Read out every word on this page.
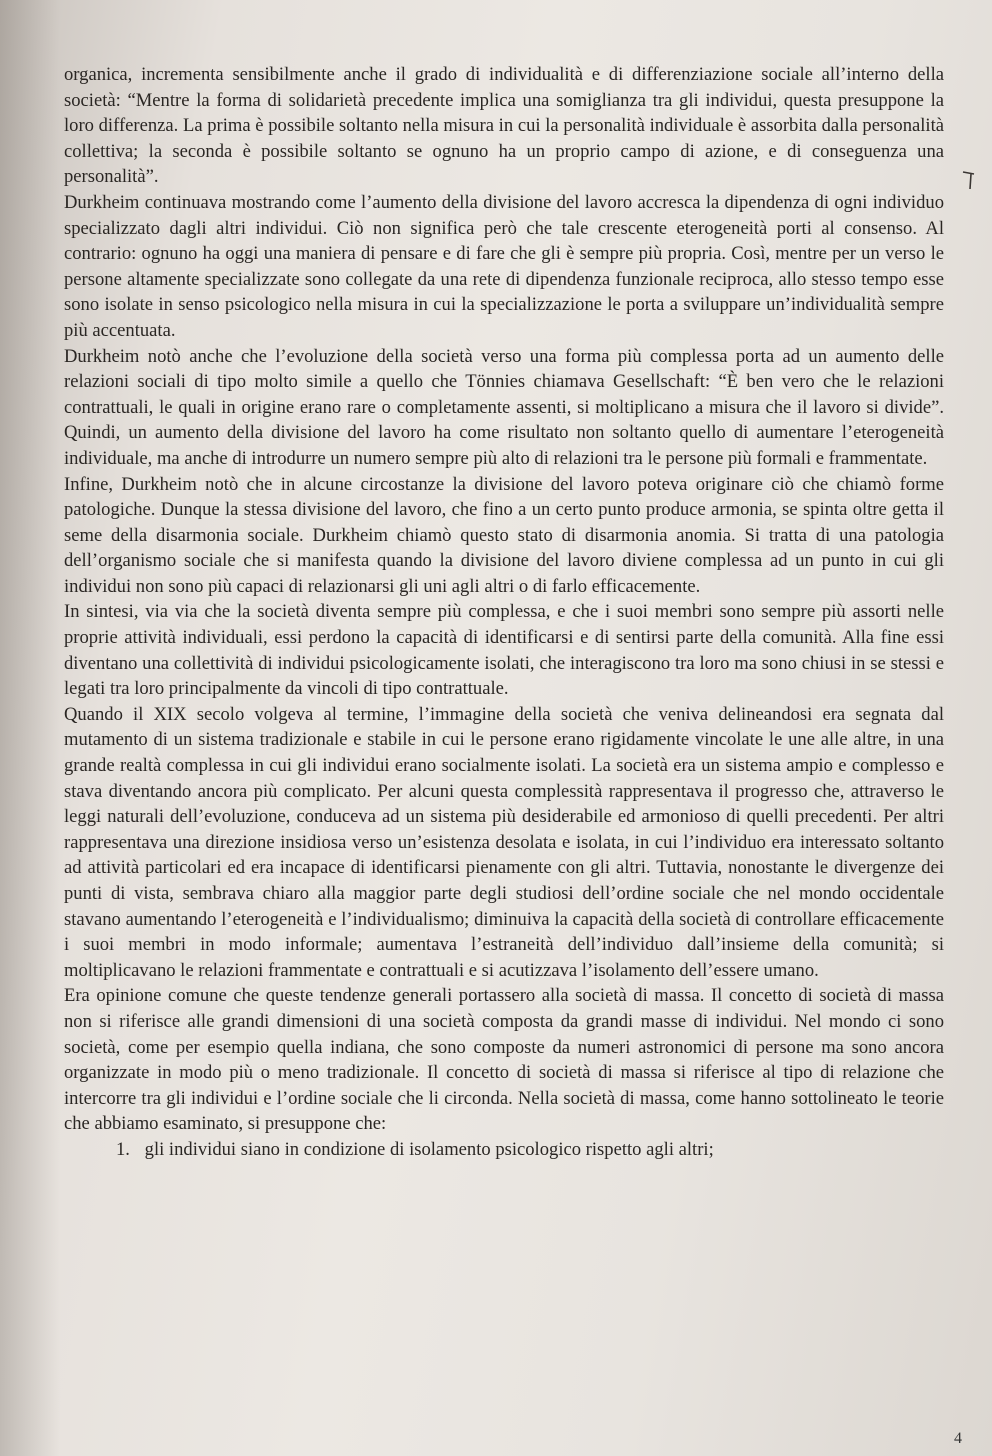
organica, incrementa sensibilmente anche il grado di individualità e di differenziazione sociale all’interno della società: “Mentre la forma di solidarietà precedente implica una somiglianza tra gli individui, questa presuppone la loro differenza. La prima è possibile soltanto nella misura in cui la personalità individuale è assorbita dalla personalità collettiva; la seconda è possibile soltanto se ognuno ha un proprio campo di azione, e di conseguenza una personalità”.

Durkheim continuava mostrando come l’aumento della divisione del lavoro accresca la dipendenza di ogni individuo specializzato dagli altri individui. Ciò non significa però che tale crescente eterogeneità porti al consenso. Al contrario: ognuno ha oggi una maniera di pensare e di fare che gli è sempre più propria. Così, mentre per un verso le persone altamente specializzate sono collegate da una rete di dipendenza funzionale reciproca, allo stesso tempo esse sono isolate in senso psicologico nella misura in cui la specializzazione le porta a sviluppare un’individualità sempre più accentuata.

Durkheim notò anche che l’evoluzione della società verso una forma più complessa porta ad un aumento delle relazioni sociali di tipo molto simile a quello che Tönnies chiamava Gesellschaft: “È ben vero che le relazioni contrattuali, le quali in origine erano rare o completamente assenti, si moltiplicano a misura che il lavoro si divide”. Quindi, un aumento della divisione del lavoro ha come risultato non soltanto quello di aumentare l’eterogeneità individuale, ma anche di introdurre un numero sempre più alto di relazioni tra le persone più formali e frammentate.

Infine, Durkheim notò che in alcune circostanze la divisione del lavoro poteva originare ciò che chiamò forme patologiche. Dunque la stessa divisione del lavoro, che fino a un certo punto produce armonia, se spinta oltre getta il seme della disarmonia sociale. Durkheim chiamò questo stato di disarmonia anomia. Si tratta di una patologia dell’organismo sociale che si manifesta quando la divisione del lavoro diviene complessa ad un punto in cui gli individui non sono più capaci di relazionarsi gli uni agli altri o di farlo efficacemente.

In sintesi, via via che la società diventa sempre più complessa, e che i suoi membri sono sempre più assorti nelle proprie attività individuali, essi perdono la capacità di identificarsi e di sentirsi parte della comunità. Alla fine essi diventano una collettività di individui psicologicamente isolati, che interagiscono tra loro ma sono chiusi in se stessi e legati tra loro principalmente da vincoli di tipo contrattuale.

Quando il XIX secolo volgeva al termine, l’immagine della società che veniva delineandosi era segnata dal mutamento di un sistema tradizionale e stabile in cui le persone erano rigidamente vincolate le une alle altre, in una grande realtà complessa in cui gli individui erano socialmente isolati. La società era un sistema ampio e complesso e stava diventando ancora più complicato. Per alcuni questa complessità rappresentava il progresso che, attraverso le leggi naturali dell’evoluzione, conduceva ad un sistema più desiderabile ed armonioso di quelli precedenti. Per altri rappresentava una direzione insidiosa verso un’esistenza desolata e isolata, in cui l’individuo era interessato soltanto ad attività particolari ed era incapace di identificarsi pienamente con gli altri. Tuttavia, nonostante le divergenze dei punti di vista, sembrava chiaro alla maggior parte degli studiosi dell’ordine sociale che nel mondo occidentale stavano aumentando l’eterogeneità e l’individualismo; diminuiva la capacità della società di controllare efficacemente i suoi membri in modo informale; aumentava l’estraneità dell’individuo dall’insieme della comunità; si moltiplicavano le relazioni frammentate e contrattuali e si acutizzava l’isolamento dell’essere umano.

Era opinione comune che queste tendenze generali portassero alla società di massa. Il concetto di società di massa non si riferisce alle grandi dimensioni di una società composta da grandi masse di individui. Nel mondo ci sono società, come per esempio quella indiana, che sono composte da numeri astronomici di persone ma sono ancora organizzate in modo più o meno tradizionale. Il concetto di società di massa si riferisce al tipo di relazione che intercorre tra gli individui e l’ordine sociale che li circonda. Nella società di massa, come hanno sottolineato le teorie che abbiamo esaminato, si presuppone che:

1. gli individui siano in condizione di isolamento psicologico rispetto agli altri;
4
